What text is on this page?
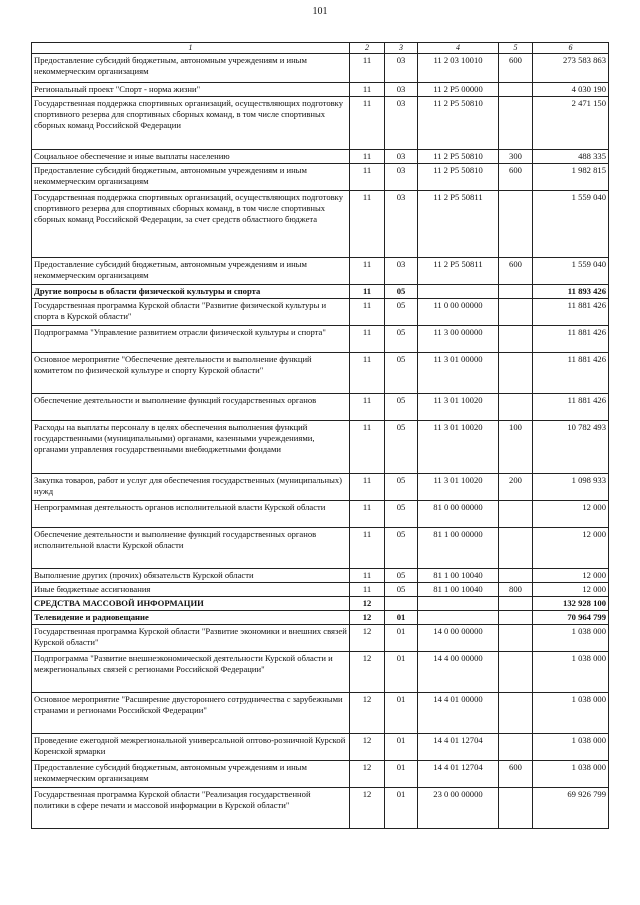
101
1	2	3	4	5	6
Предоставление субсидий бюджетным, автономным учреждениям и иным некоммерческим организациям	11	03	11 2 03 10010	600	273 583 863
Региональный проект "Спорт - норма жизни"	11	03	11 2 P5 00000		4 030 190
Государственная поддержка спортивных организаций, осуществляющих подготовку спортивного резерва для спортивных сборных команд, в том числе спортивных сборных команд Российской Федерации	11	03	11 2 P5 50810		2 471 150
Социальное обеспечение и иные выплаты населению	11	03	11 2 P5 50810	300	488 335
Предоставление субсидий бюджетным, автономным учреждениям и иным некоммерческим организациям	11	03	11 2 P5 50810	600	1 982 815
Государственная поддержка спортивных организаций, осуществляющих подготовку спортивного резерва для спортивных сборных команд, в том числе спортивных сборных команд Российской Федерации, за счет средств областного бюджета	11	03	11 2 P5 50811		1 559 040
Предоставление субсидий бюджетным, автономным учреждениям и иным некоммерческим организациям	11	03	11 2 P5 50811	600	1 559 040
Другие вопросы в области физической культуры и спорта	11	05			11 893 426
Государственная программа Курской области "Развитие физической культуры и спорта в Курской области"	11	05	11 0 00 00000		11 881 426
Подпрограмма "Управление развитием отрасли физической культуры и спорта"	11	05	11 3 00 00000		11 881 426
Основное мероприятие "Обеспечение деятельности и выполнение функций комитетом по физической культуре и спорту Курской области"	11	05	11 3 01 00000		11 881 426
Обеспечение деятельности и выполнение функций государственных органов	11	05	11 3 01 10020		11 881 426
Расходы на выплаты персоналу в целях обеспечения выполнения функций государственными (муниципальными) органами, казенными учреждениями, органами управления государственными внебюджетными фондами	11	05	11 3 01 10020	100	10 782 493
Закупка товаров, работ и услуг для обеспечения государственных (муниципальных) нужд	11	05	11 3 01 10020	200	1 098 933
Непрограммная деятельность органов исполнительной власти Курской области	11	05	81 0 00 00000		12 000
Обеспечение деятельности и выполнение функций государственных органов исполнительной власти Курской области	11	05	81 1 00 00000		12 000
Выполнение других (прочих) обязательств Курской области	11	05	81 1 00 10040		12 000
Иные бюджетные ассигнования	11	05	81 1 00 10040	800	12 000
СРЕДСТВА МАССОВОЙ ИНФОРМАЦИИ	12				132 928 100
Телевидение и радиовещание	12	01			70 964 799
Государственная программа Курской области "Развитие экономики и внешних связей Курской области"	12	01	14 0 00 00000		1 038 000
Подпрограмма "Развитие внешнеэкономической деятельности Курской области и межрегиональных связей с регионами Российской Федерации"	12	01	14 4 00 00000		1 038 000
Основное мероприятие "Расширение двустороннего сотрудничества с зарубежными странами и регионами Российской Федерации"	12	01	14 4 01 00000		1 038 000
Проведение ежегодной межрегиональной универсальной оптово-розничной Курской Коренской ярмарки	12	01	14 4 01 12704		1 038 000
Предоставление субсидий бюджетным, автономным учреждениям и иным некоммерческим организациям	12	01	14 4 01 12704	600	1 038 000
Государственная программа Курской области "Реализация государственной политики в сфере печати и массовой информации в Курской области"	12	01	23 0 00 00000		69 926 799
